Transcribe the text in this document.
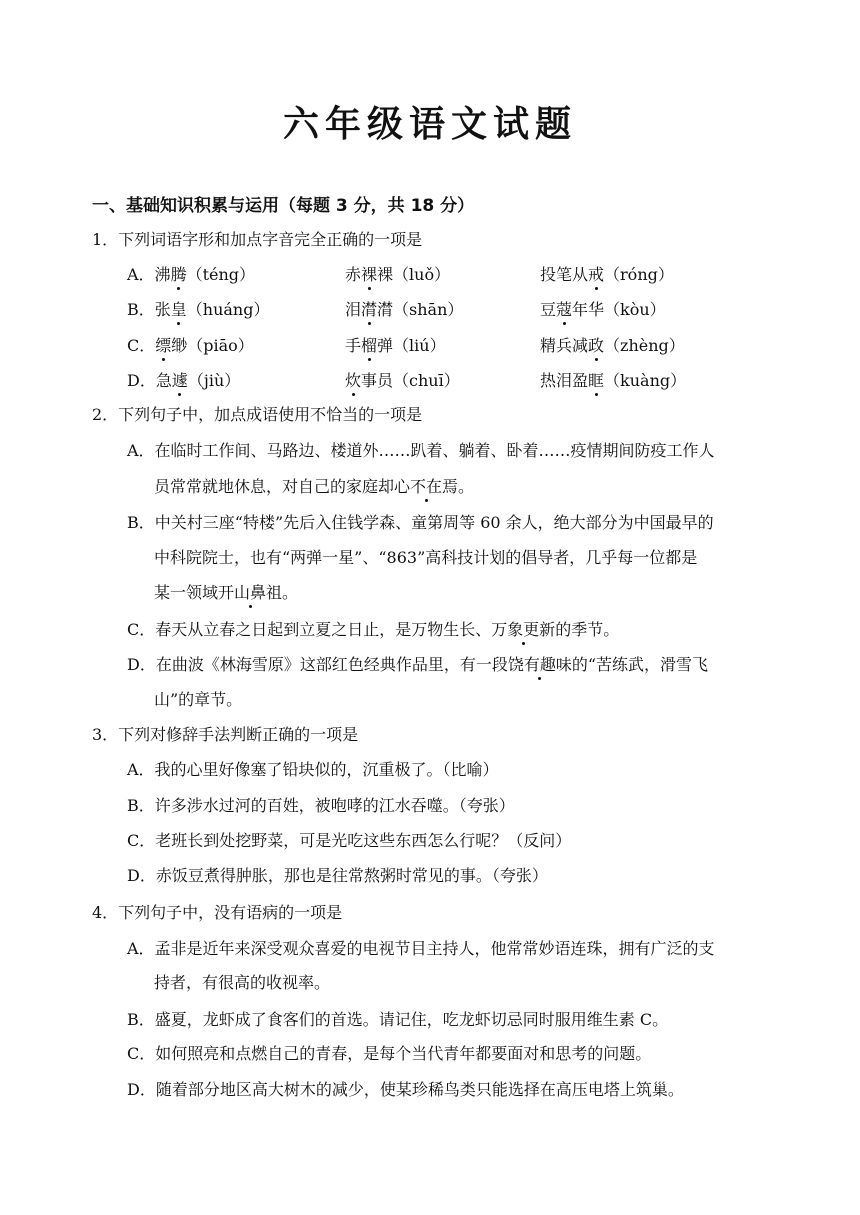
六年级语文试题
一、基础知识积累与运用（每题 3 分，共 18 分）
1．下列词语字形和加点字音完全正确的一项是
A．沸腾（téng）	赤裸裸（luǒ）	投笔从戒（róng）
B．张皇（huáng）	泪潸潸（shān）	豆蔻年华（kòu）
C．缥缈（piāo）	手榴弹（liú）	精兵减政（zhèng）
D．急遽（jiù）	炊事员（chuī）	热泪盈眶（kuàng）
2．下列句子中，加点成语使用不恰当的一项是
A．在临时工作间、马路边、楼道外……趴着、躺着、卧着……疫情期间防疫工作人
员常常就地休息，对自己的家庭却心不在焉。
B．中关村三座“特楼”先后入住钱学森、童第周等 60 余人，绝大部分为中国最早的
中科院院士，也有“两弹一星”、“863”高科技计划的倡导者，几乎每一位都是
某一领域开山鼻祖。
C．春天从立春之日起到立夏之日止，是万物生长、万象更新的季节。
D．在曲波《林海雪原》这部红色经典作品里，有一段饶有趣味的“苦练武，滑雪飞
山”的章节。
3．下列对修辞手法判断正确的一项是
A．我的心里好像塞了铅块似的，沉重极了。（比喻）
B．许多涉水过河的百姓，被咆哮的江水吞噬。（夸张）
C．老班长到处挖野菜，可是光吃这些东西怎么行呢？（反问）
D．赤饭豆煮得肿胀，那也是往常熬粥时常见的事。（夸张）
4．下列句子中，没有语病的一项是
A．孟非是近年来深受观众喜爱的电视节目主持人，他常常妙语连珠，拥有广泛的支
持者，有很高的收视率。
B．盛夏，龙虾成了食客们的首选。请记住，吃龙虾切忌同时服用维生素 C。
C．如何照亮和点燃自己的青春，是每个当代青年都要面对和思考的问题。
D．随着部分地区高大树木的减少，使某珍稀鸟类只能选择在高压电塔上筑巢。
